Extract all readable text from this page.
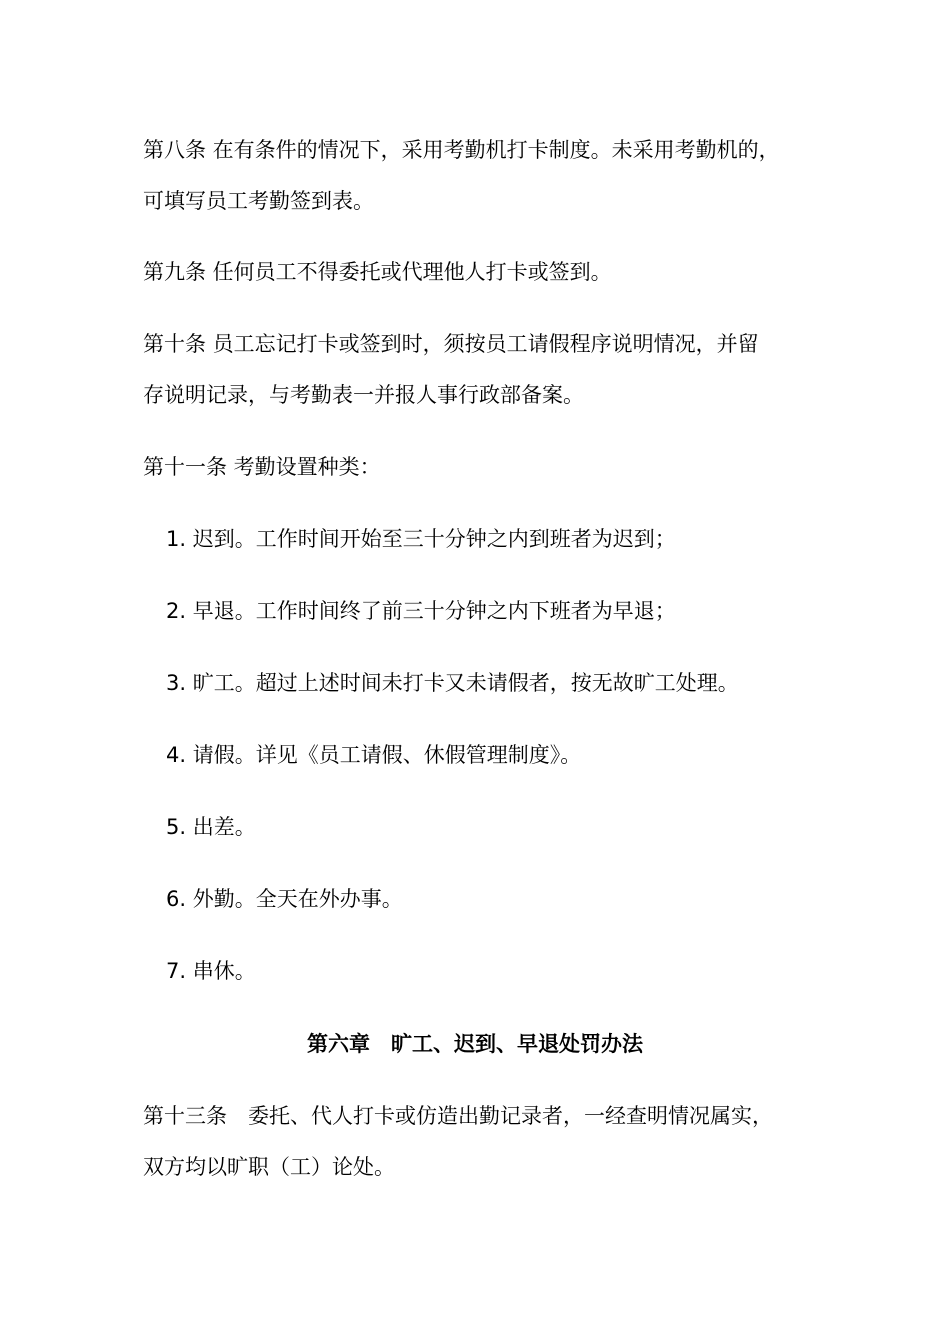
第八条 在有条件的情况下，采用考勤机打卡制度。未采用考勤机的，
可填写员工考勤签到表。
第九条 任何员工不得委托或代理他人打卡或签到。
第十条 员工忘记打卡或签到时，须按员工请假程序说明情况，并留
存说明记录，与考勤表一并报人事行政部备案。
第十一条 考勤设置种类：
1. 迟到。工作时间开始至三十分钟之内到班者为迟到；
2. 早退。工作时间终了前三十分钟之内下班者为早退；
3. 旷工。超过上述时间未打卡又未请假者，按无故旷工处理。
4. 请假。详见《员工请假、休假管理制度》。
5. 出差。
6. 外勤。全天在外办事。
7. 串休。
第六章　旷工、迟到、早退处罚办法
第十三条　委托、代人打卡或仿造出勤记录者，一经查明情况属实，
双方均以旷职（工）论处。
